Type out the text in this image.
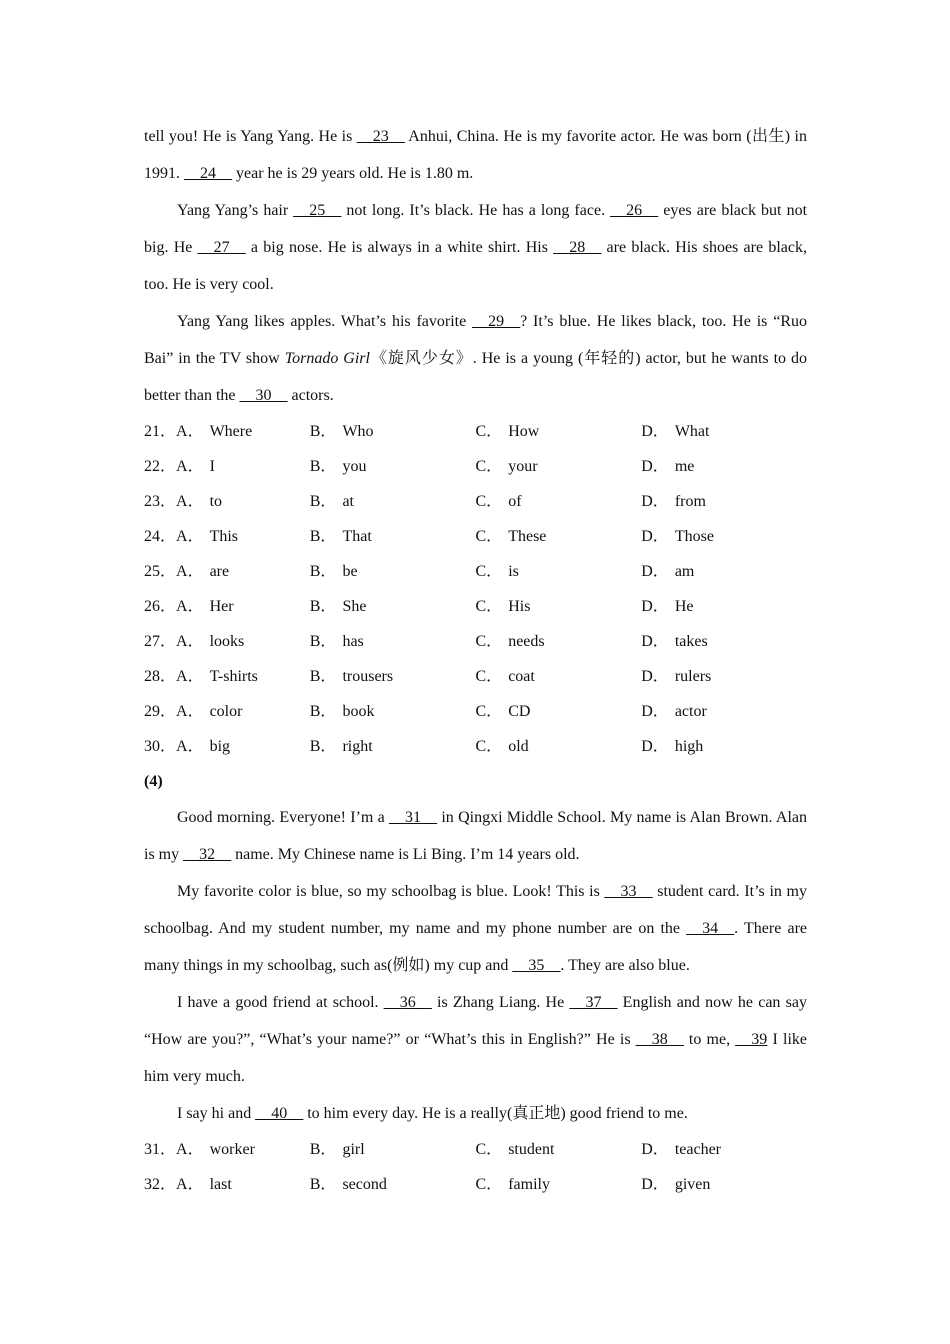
tell you! He is Yang Yang. He is __23__ Anhui, China. He is my favorite actor. He was born (出生) in 1991. __24__ year he is 29 years old. He is 1.80 m.

Yang Yang’s hair __25__ not long. It’s black. He has a long face. __26__ eyes are black but not big. He __27__ a big nose. He is always in a white shirt. His __28__ are black. His shoes are black, too. He is very cool.

Yang Yang likes apples. What’s his favorite __29__? It’s blue. He likes black, too. He is “Ruo Bai” in the TV show Tornado Girl《旋风少女》. He is a young (年轻的) actor, but he wants to do better than the __30__ actors.

21．A． Where	B． Who	C． How	D． What
22．A． I	B． you	C． your	D． me
23．A． to	B． at	C． of	D． from
24．A． This	B． That	C． These	D． Those
25．A． are	B． be	C． is	D． am
26．A． Her	B． She	C． His	D． He
27．A． looks	B． has	C． needs	D． takes
28．A． T-shirts	B． trousers	C． coat	D． rulers
29．A． color	B． book	C． CD	D． actor
30．A． big	B． right	C． old	D． high
(4)

Good morning. Everyone! I’m a __31__ in Qingxi Middle School. My name is Alan Brown. Alan is my __32__ name. My Chinese name is Li Bing. I’m 14 years old.

My favorite color is blue, so my schoolbag is blue. Look! This is __33__ student card. It’s in my schoolbag. And my student number, my name and my phone number are on the __34__. There are many things in my schoolbag, such as(例如) my cup and __35__. They are also blue.

I have a good friend at school. __36__ is Zhang Liang. He __37__ English and now he can say “How are you?”, “What’s your name?” or “What’s this in English?” He is __38__ to me, __39 I like him very much.

I say hi and __40__ to him every day. He is a really(真正地) good friend to me.

31．A． worker	B． girl	C． student	D． teacher
32．A． last	B． second	C． family	D． given
